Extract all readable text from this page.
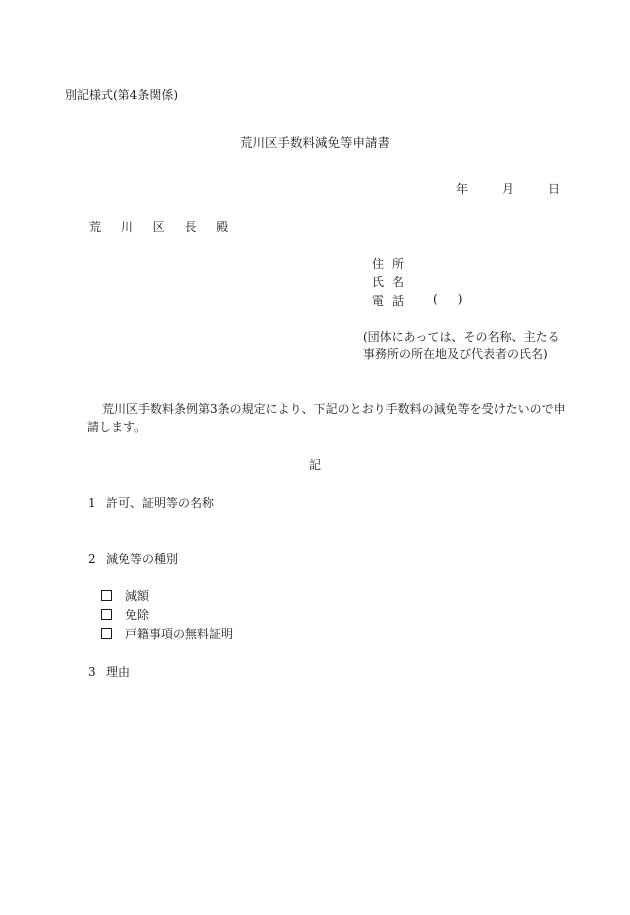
別記様式(第4条関係)
荒川区手数料減免等申請書
年	月	日
荒 川 区 長 殿
住所
氏名
電話 ( )
(団体にあっては、その名称、主たる
事務所の所在地及び代表者の氏名)
荒川区手数料条例第3条の規定により、下記のとおり手数料の減免等を受けたいので申
請します。
記
1 許可、証明等の名称
2 減免等の種別
減額
免除
戸籍事項の無料証明
3 理由
